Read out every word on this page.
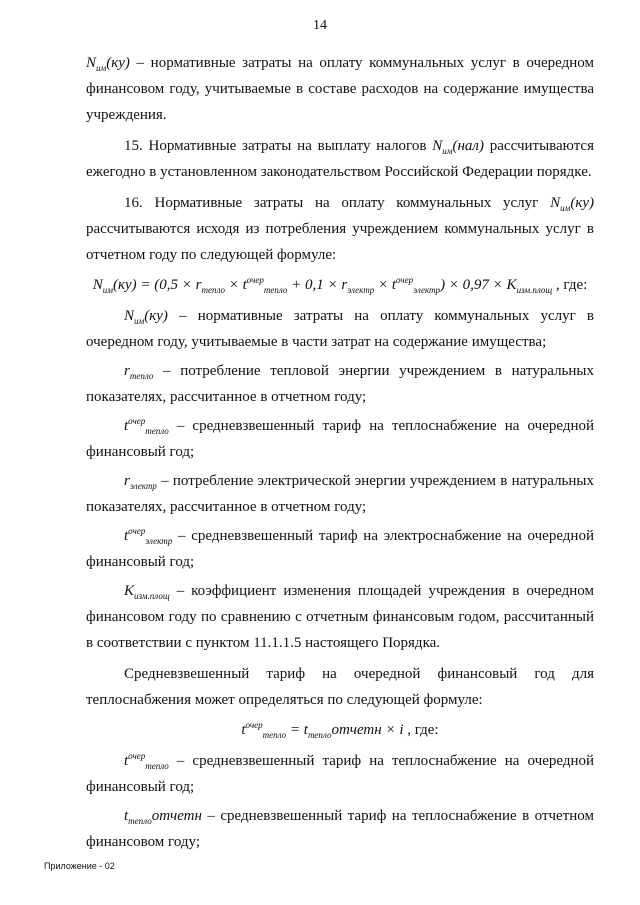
14

$N_{им}(ку)$ – нормативные затраты на оплату коммунальных услуг в очередном финансовом году, учитываемые в составе расходов на содержание имущества учреждения.

15. Нормативные затраты на выплату налогов $N_{им}(нал)$ рассчитываются ежегодно в установленном законодательством Российской Федерации порядке.

16. Нормативные затраты на оплату коммунальных услуг $N_{им}(ку)$ рассчитываются исходя из потребления учреждением коммунальных услуг в отчетном году по следующей формуле:

$N_{им}(ку) = (0,5 \times r_{тепло} \times t^{очер}_{тепло} + 0,1 \times r_{электр} \times t^{очер}_{электр}) \times 0,97 \times K_{изм.площ}$ , где:

$N_{им}(ку)$ – нормативные затраты на оплату коммунальных услуг в очередном году, учитываемые в части затрат на содержание имущества;

$r_{тепло}$ – потребление тепловой энергии учреждением в натуральных показателях, рассчитанное в отчетном году;

$t^{очер}_{тепло}$ – средневзвешенный тариф на теплоснабжение на очередной финансовый год;

$r_{электр}$ – потребление электрической энергии учреждением в натуральных показателях, рассчитанное в отчетном году;

$t^{очер}_{электр}$ – средневзвешенный тариф на электроснабжение на очередной финансовый год;

$K_{изм.площ}$ – коэффициент изменения площадей учреждения в очередном финансовом году по сравнению с отчетным финансовым годом, рассчитанный в соответствии с пунктом 11.1.1.5 настоящего Порядка.

Средневзвешенный тариф на очередной финансовый год для теплоснабжения может определяться по следующей формуле:

$t^{очер}_{тепло}$ = $t_{тепло}отчетн \times i$ , где:

$t^{очер}_{тепло}$ – средневзвешенный тариф на теплоснабжение на очередной финансовый год;

$t_{тепло}отчетн$ – средневзвешенный тариф на теплоснабжение в отчетном финансовом году;

Приложение - 02
